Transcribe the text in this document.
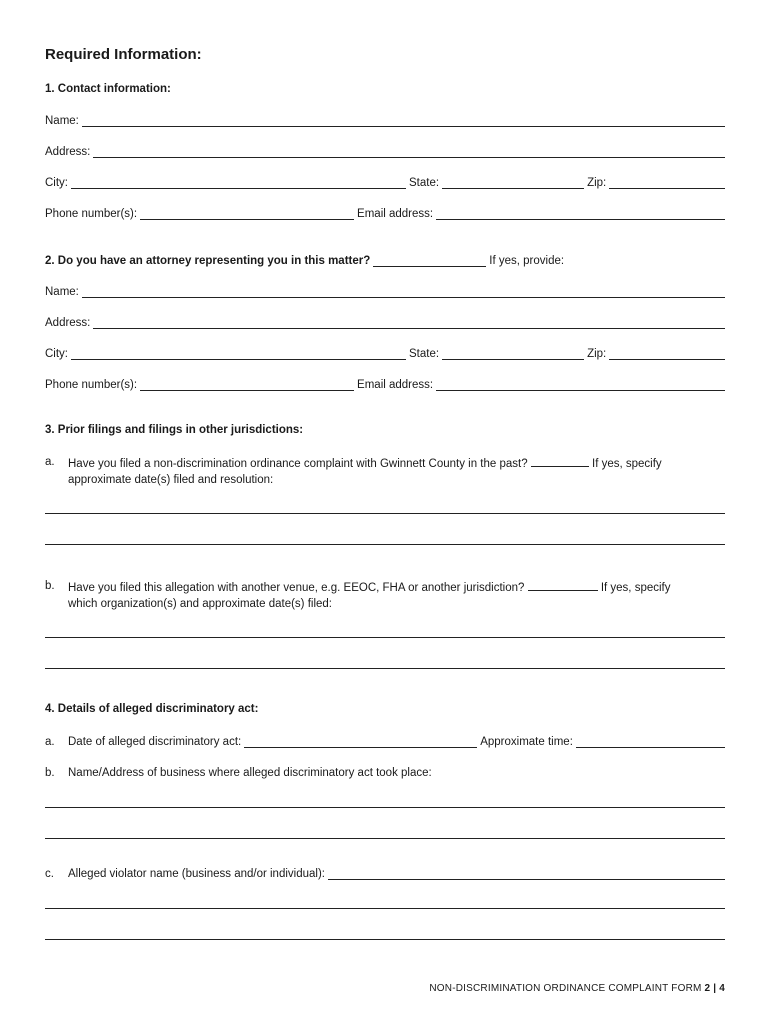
Required Information:
1. Contact information:
Name:
Address:
City:	State:	Zip:
Phone number(s):	Email address:
2. Do you have an attorney representing you in this matter?	If yes, provide:
Name:
Address:
City:	State:	Zip:
Phone number(s):	Email address:
3. Prior filings and filings in other jurisdictions:
a. Have you filed a non-discrimination ordinance complaint with Gwinnett County in the past?	If yes, specify
approximate date(s) filed and resolution:
b. Have you filed this allegation with another venue, e.g. EEOC, FHA or another jurisdiction?	If yes, specify
which organization(s) and approximate date(s) filed:
4. Details of alleged discriminatory act:
a.	Date of alleged discriminatory act:	Approximate time:
b.	Name/Address of business where alleged discriminatory act took place:
c.	Alleged violator name (business and/or individual):
NON-DISCRIMINATION ORDINANCE COMPLAINT FORM 2 | 4
